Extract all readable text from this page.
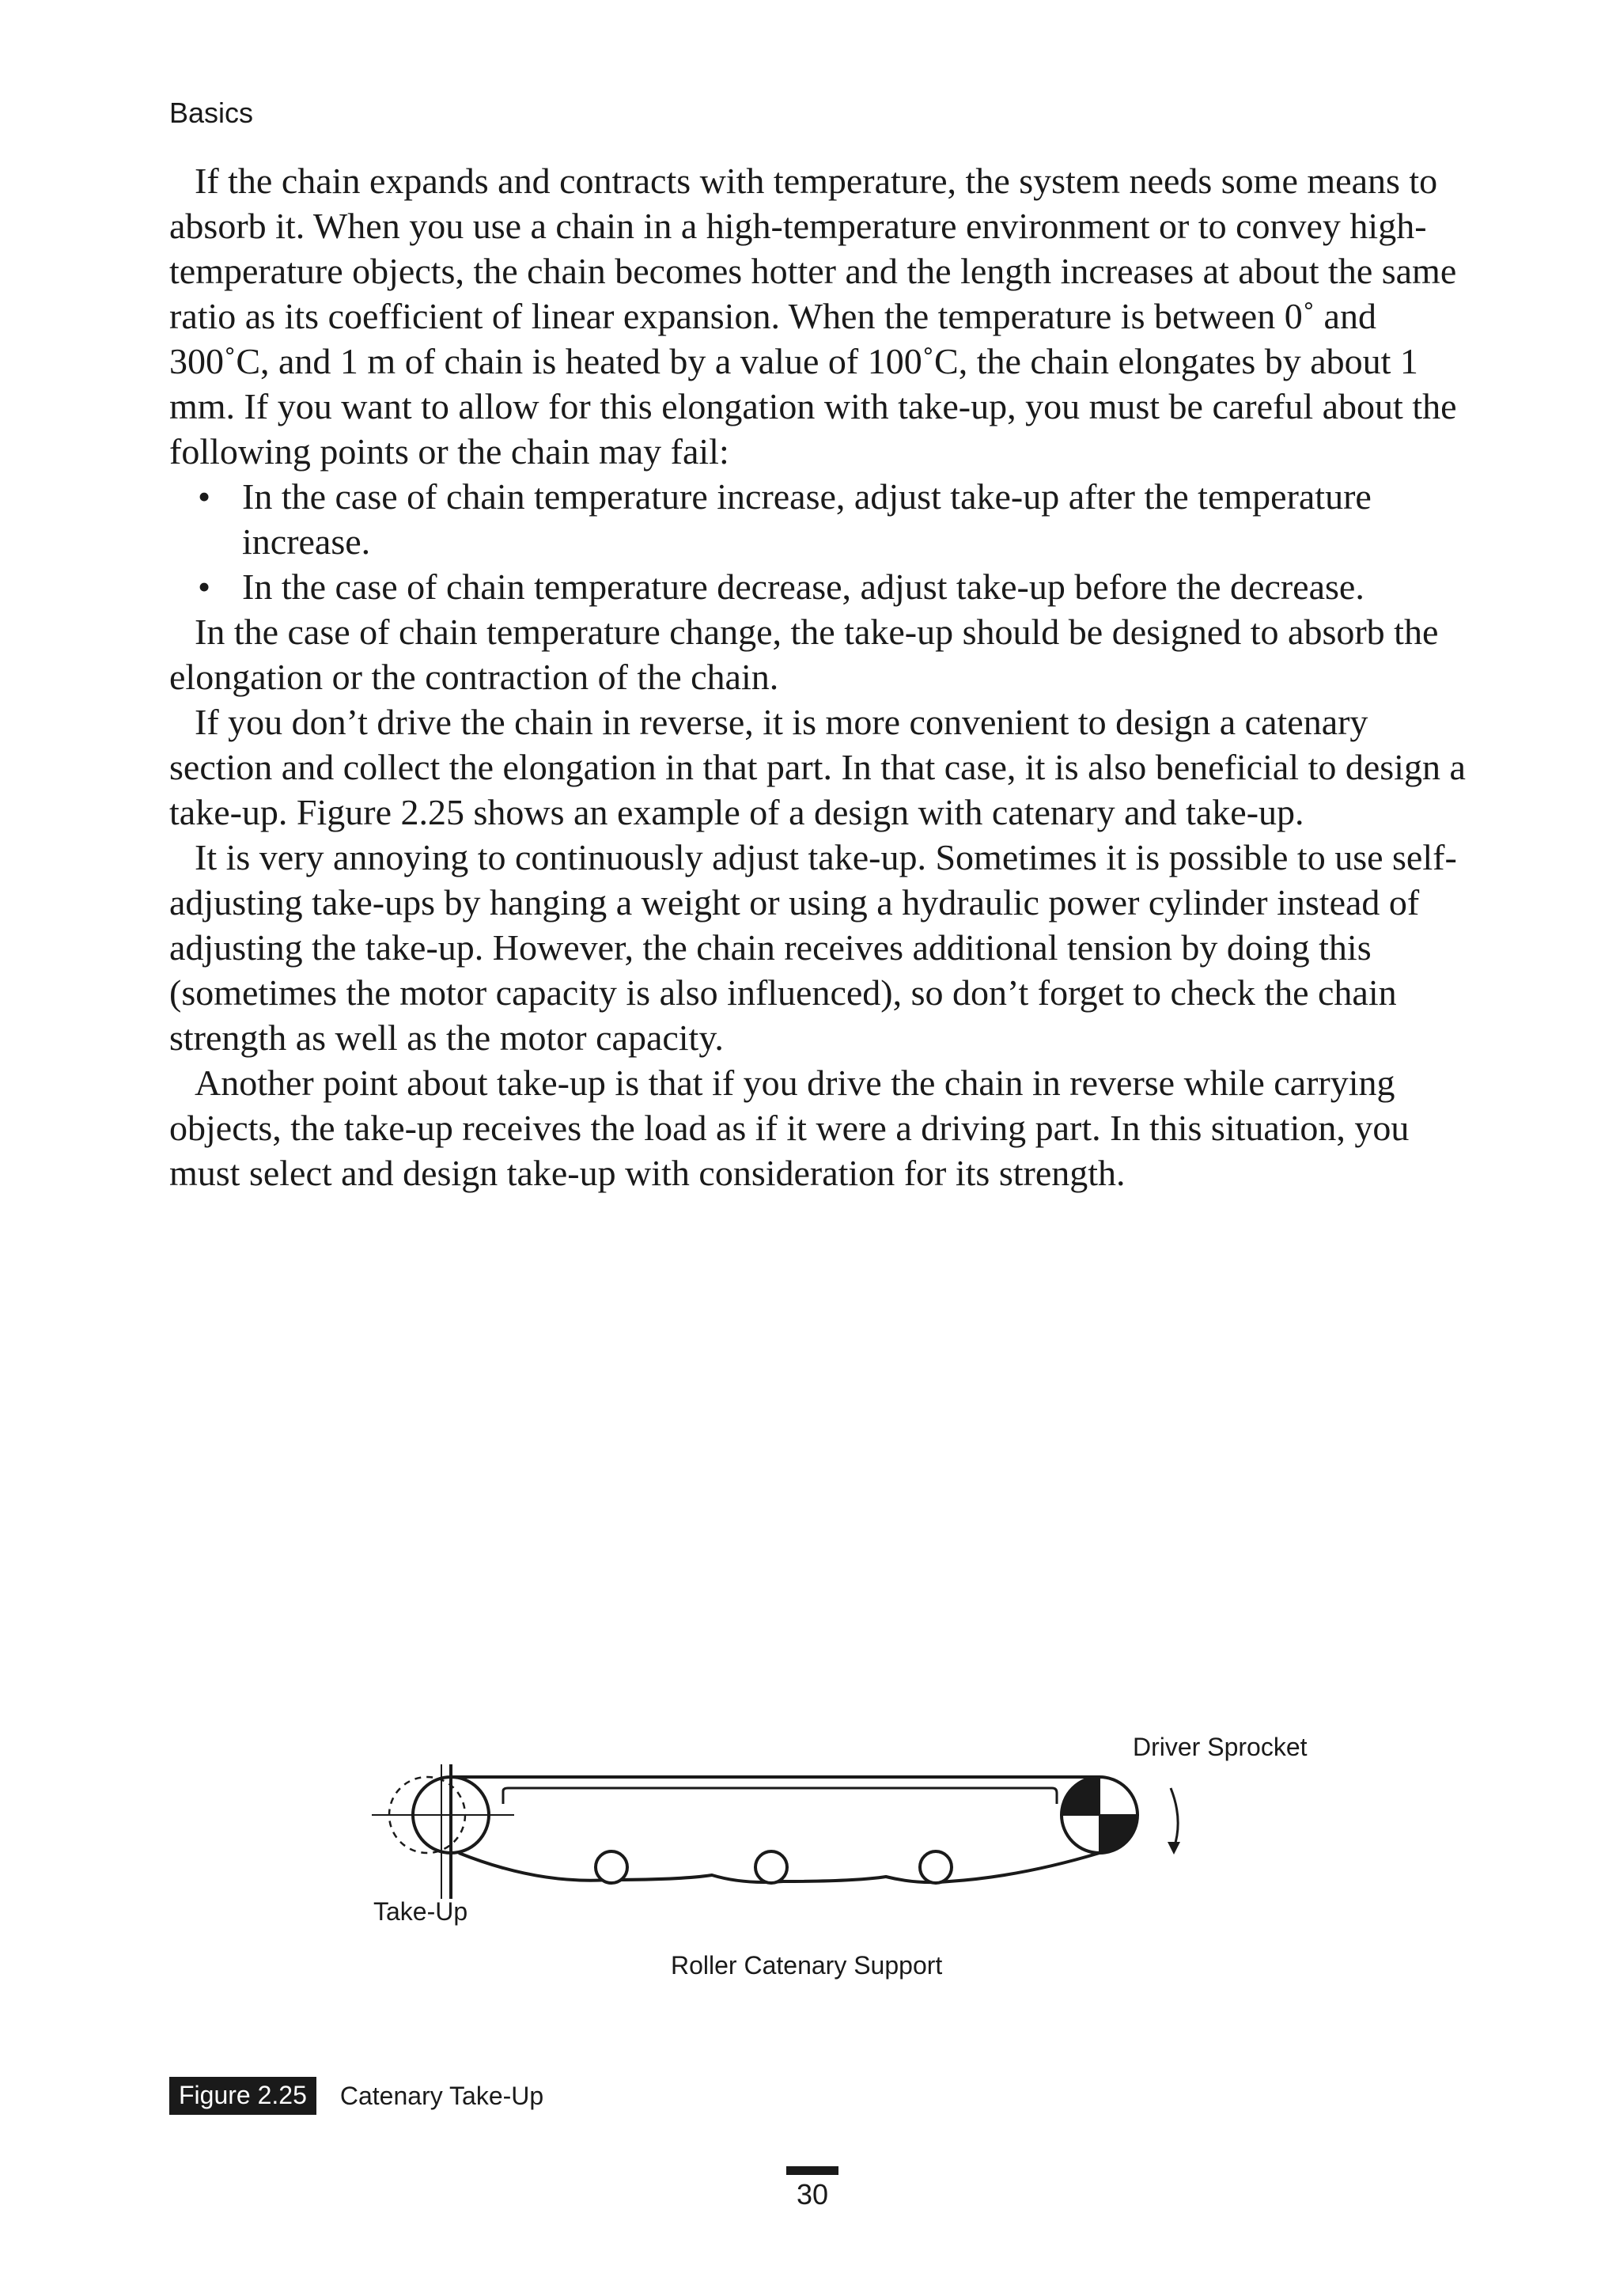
Basics

If the chain expands and contracts with temperature, the system needs some means to absorb it. When you use a chain in a high-temperature environment or to convey high-temperature objects, the chain becomes hotter and the length increases at about the same ratio as its coefficient of linear expansion. When the temperature is between 0˚ and 300˚C, and 1 m of chain is heated by a value of 100˚C, the chain elongates by about 1 mm. If you want to allow for this elongation with take-up, you must be careful about the following points or the chain may fail:

• In the case of chain temperature increase, adjust take-up after the temperature increase.
• In the case of chain temperature decrease, adjust take-up before the decrease.

In the case of chain temperature change, the take-up should be designed to absorb the elongation or the contraction of the chain.

If you don’t drive the chain in reverse, it is more convenient to design a catenary section and collect the elongation in that part. In that case, it is also beneficial to design a take-up. Figure 2.25 shows an example of a design with catenary and take-up.

It is very annoying to continuously adjust take-up. Sometimes it is possible to use self-adjusting take-ups by hanging a weight or using a hydraulic power cylinder instead of adjusting the take-up. However, the chain receives additional tension by doing this (sometimes the motor capacity is also influenced), so don’t forget to check the chain strength as well as the motor capacity.

Another point about take-up is that if you drive the chain in reverse while carrying objects, the take-up receives the load as if it were a driving part. In this situation, you must select and design take-up with consideration for its strength.

Driver Sprocket
Take-Up
Roller Catenary Support
Figure 2.25	Catenary Take-Up
30
